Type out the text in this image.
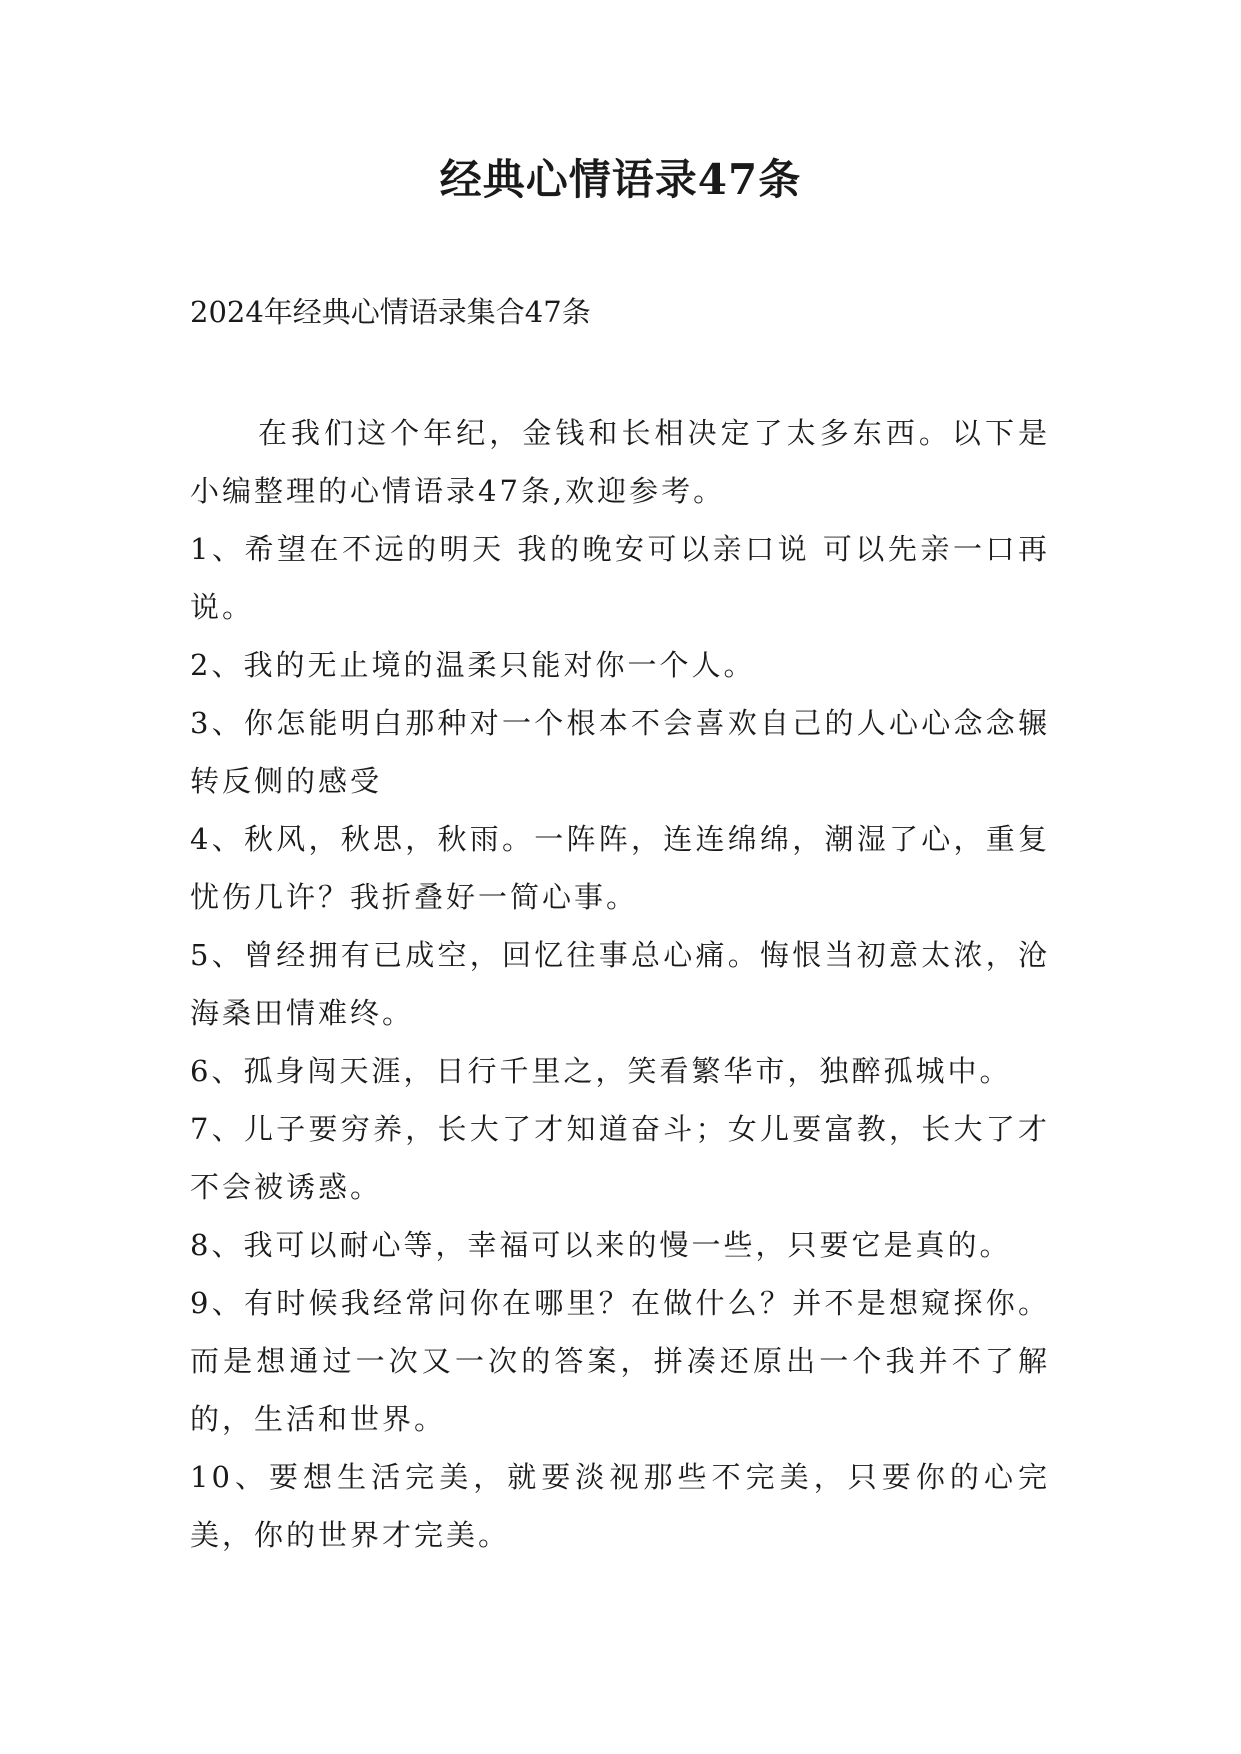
经典心情语录47条

2024年经典心情语录集合47条

在我们这个年纪，金钱和长相决定了太多东西。以下是小编整理的心情语录47条,欢迎参考。

1、希望在不远的明天 我的晚安可以亲口说 可以先亲一口再说。

2、我的无止境的温柔只能对你一个人。

3、你怎能明白那种对一个根本不会喜欢自己的人心心念念辗转反侧的感受

4、秋风，秋思，秋雨。一阵阵，连连绵绵，潮湿了心，重复忧伤几许？我折叠好一简心事。

5、曾经拥有已成空，回忆往事总心痛。悔恨当初意太浓，沧海桑田情难终。

6、孤身闯天涯，日行千里之，笑看繁华市，独醉孤城中。

7、儿子要穷养，长大了才知道奋斗；女儿要富教，长大了才不会被诱惑。

8、我可以耐心等，幸福可以来的慢一些，只要它是真的。

9、有时候我经常问你在哪里？在做什么？并不是想窥探你。而是想通过一次又一次的答案，拼凑还原出一个我并不了解的，生活和世界。

10、要想生活完美，就要淡视那些不完美，只要你的心完美，你的世界才完美。
